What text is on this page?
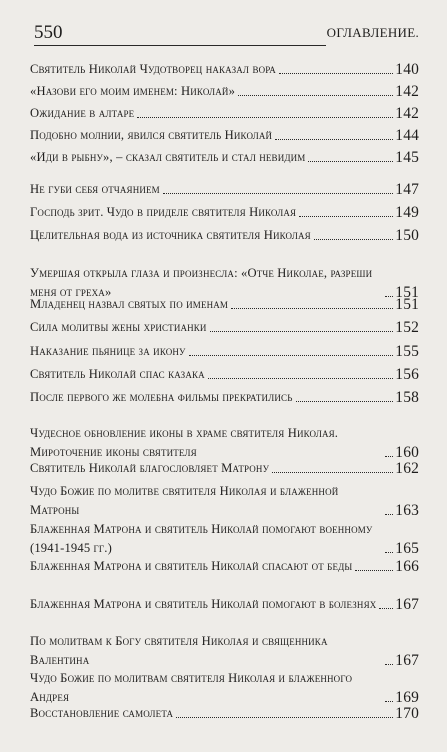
550	ОГЛАВЛЕНИЕ.
Святитель Николай Чудотворец наказал вора	140
«Назови его моим именем: Николай»	142
Ожидание в алтаре	142
Подобно молнии, явился святитель Николай	144
«Иди в рыбну», – сказал святитель и стал невидим	145
Не губи себя отчаянием	147
Господь зрит. Чудо в приделе святителя Николая	149
Целительная вода из источника святителя Николая	150
Умершая открыла глаза и произнесла: «Отче Николае, разреши меня от греха»	151
Младенец назвал святых по именам	151
Сила молитвы жены христианки	152
Наказание пьянице за икону	155
Святитель Николай спас казака	156
После первого же молебна фильмы прекратились	158
Чудесное обновление иконы в храме святителя Николая. Мироточение иконы святителя	160
Святитель Николай благословляет Матрону	162
Чудо Божие по молитве святителя Николая и блаженной Матроны	163
Блаженная Матрона и святитель Николай помогают военному (1941-1945 гг.)	165
Блаженная Матрона и святитель Николай спасают от беды	166
Блаженная Матрона и святитель Николай помогают в болезнях 167
По молитвам к Богу святителя Николая и священника Валентина	167
Чудо Божие по молитвам святителя Николая и блаженного Андрея	169
Восстановление самолета	170
